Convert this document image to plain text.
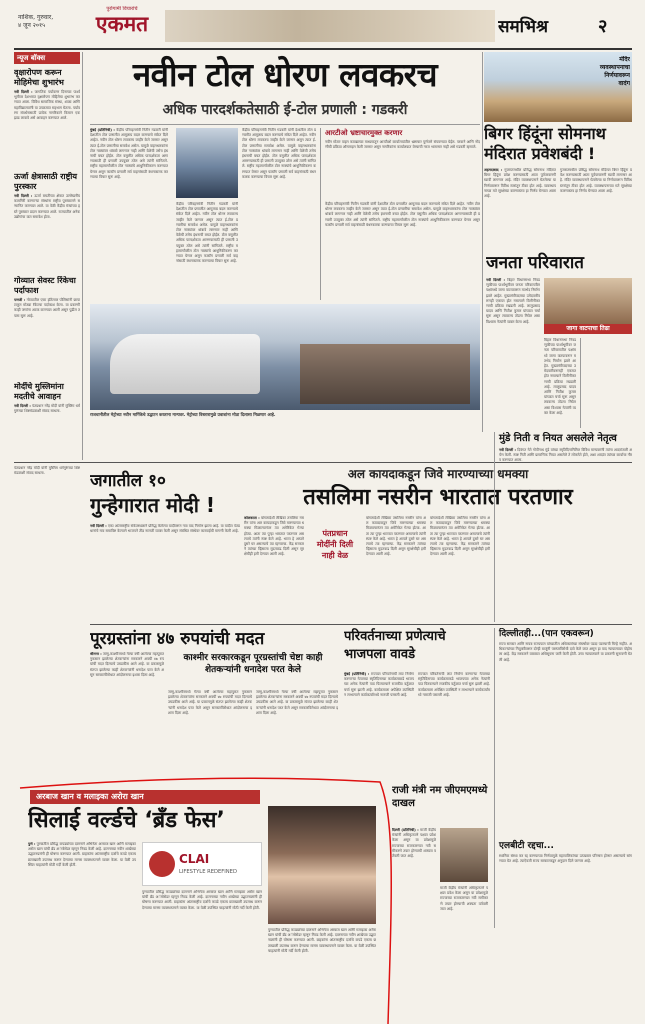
नाशिक, गुरुवार,
४ जून २०१५
पुरोगामी विचारांचे
एकमत	समभिश्र	२
न्यूज बॉक्स
वृक्षारोपण करून मोहिमेचा शुभारंभ
नवी दिल्ली : जागतिक पर्यावरण दिनाच्या पार्श्वभूमीवर देशभरात वृक्षारोपण मोहिमेचा शुभारंभ करण्यात आला. विविध सामाजिक संस्था, शाळा आणि महाविद्यालयांनी या उपक्रमात सहभाग घेतला. पर्यावरण संवर्धनासाठी प्रत्येक नागरिकाने किमान एक झाड लावावे असे आवाहन करण्यात आले.
ऊर्जा क्षेत्रासाठी राष्ट्रीय पुरस्कार
नवी दिल्ली : ऊर्जा बचतीच्या क्षेत्रात उल्लेखनीय कामगिरी करणाऱ्या संस्थांना राष्ट्रीय पुरस्काराने सन्मानित करण्यात आले. या वेळी केंद्रीय मंत्र्यांच्या हस्ते पुरस्कार प्रदान करण्यात आले. राज्यातील अनेक उद्योगांचा यात समावेश होता.
गोव्यात सेवस्ट रिंकेचा पर्दाफाश
पणजी : गोव्यातील एका हॉटेलवर पोलिसांनी छापा टाकून मोठ्या रॅकेटचा पर्दाफाश केला. या प्रकरणी काही जणांना अटक करण्यात आली असून पुढील तपास सुरू आहे.
मोदींचे मुस्लिमांना मदतीचे आवाहन
नवी दिल्ली : पंतप्रधान नरेंद्र मोदी यांनी मुस्लिम धर्मगुरूंच्या शिष्टमंडळाशी संवाद साधला.
नवीन टोल धोरण लवकरच
अधिक पारदर्शकतेसाठी ई-टोल प्रणाली : गडकरी
मुंबई (प्रतिनिधी) : केंद्रीय परिवहनमंत्री नितीन गडकरी यांनी देशातील टोल प्रणालीत आमूलाग्र बदल करण्याचे संकेत दिले आहेत. नवीन टोल धोरण लवकरच जाहीर केले जाणार असून त्यात ई-टोल प्रणालीचा समावेश असेल. यामुळे वाहनधारकांना टोल नाक्यांवर थांबावे लागणार नाही आणि वेळेची तसेच इंधनाची बचत होईल. टोल वसुलीत अधिक पारदर्शकता आणण्यासाठी ही प्रणाली उपयुक्त ठरेल असे त्यांनी सांगितले. राष्ट्रीय महामार्गांवरील टोल नाक्यांचे आधुनिकीकरण करण्यात येणार असून फास्टॅग प्रणाली सर्व वाहनांसाठी बंधनकारक करण्याचा विचार सुरू आहे.
केंद्रीय परिवहनमंत्री नितीन गडकरी यांनी देशातील टोल प्रणालीत आमूलाग्र बदल करण्याचे संकेत दिले आहेत. नवीन टोल धोरण लवकरच जाहीर केले जाणार असून त्यात ई-टोल प्रणालीचा समावेश असेल. यामुळे वाहनधारकांना टोल नाक्यांवर थांबावे लागणार नाही आणि वेळेची तसेच इंधनाची बचत होईल. टोल वसुलीत अधिक पारदर्शकता आणण्यासाठी ही प्रणाली उपयुक्त ठरेल असे त्यांनी सांगितले. राष्ट्रीय महामार्गांवरील टोल नाक्यांचे आधुनिकीकरण करण्यात येणार असून फास्टॅग प्रणाली सर्व वाहनांसाठी बंधनकारक करण्याचा विचार सुरू आहे.
केंद्रीय परिवहनमंत्री नितीन गडकरी यांनी देशातील टोल प्रणालीत आमूलाग्र बदल करण्याचे संकेत दिले आहेत. नवीन टोल धोरण लवकरच जाहीर केले जाणार असून त्यात ई-टोल प्रणालीचा समावेश असेल. यामुळे वाहनधारकांना टोल नाक्यांवर थांबावे लागणार नाही आणि वेळेची तसेच इंधनाची बचत होईल. टोल वसुलीत अधिक पारदर्शकता आणण्यासाठी ही प्रणाली उपयुक्त ठरेल असे त्यांनी सांगितले. राष्ट्रीय महामार्गांवरील टोल नाक्यांचे आधुनिकीकरण करण्यात येणार असून फास्टॅग प्रणाली सर्व वाहनांसाठी बंधनकारक करण्याचा विचार सुरू आहे.
आरटीओ भ्रष्टाचारमुक्त करणार
नवीन मोटार वाहन कायद्याच्या माध्यमातून आरटीओ कार्यालयांतील भ्रष्टाचार पूर्णपणे संपवण्यात येईल. परवाने आणि नोंदणीची प्रक्रिया ऑनलाइन केली जाणार असून नागरिकांना कार्यालयात येण्याची गरज भासणार नाही असे गडकरी म्हणाले.
केंद्रीय परिवहनमंत्री नितीन गडकरी यांनी देशातील टोल प्रणालीत आमूलाग्र बदल करण्याचे संकेत दिले आहेत. नवीन टोल धोरण लवकरच जाहीर केले जाणार असून त्यात ई-टोल प्रणालीचा समावेश असेल. यामुळे वाहनधारकांना टोल नाक्यांवर थांबावे लागणार नाही आणि वेळेची तसेच इंधनाची बचत होईल. टोल वसुलीत अधिक पारदर्शकता आणण्यासाठी ही प्रणाली उपयुक्त ठरेल असे त्यांनी सांगितले. राष्ट्रीय महामार्गांवरील टोल नाक्यांचे आधुनिकीकरण करण्यात येणार असून फास्टॅग प्रणाली सर्व वाहनांसाठी बंधनकारक करण्याचा विचार सुरू आहे.
राजधानीतील मेट्रोच्या नवीन मार्गिकेचे उद्घाटन करताना मान्यवर. मेट्रोच्या विस्तारामुळे प्रवाशांना मोठा दिलासा मिळणार आहे.
मंदिर
व्यवस्थापनाचा
निर्णयावरून
वादंग
बिगर हिंदूंना सोमनाथ मंदिरात प्रवेशबंदी !
अहमदाबाद : गुजरातमधील प्रसिद्ध सोमनाथ मंदिरात बिगर हिंदूंना प्रवेश करण्यासाठी आता पूर्वपरवानगी घ्यावी लागणार आहे. मंदिर व्यवस्थापनाने घेतलेल्या या निर्णयावरून विविध स्तरांतून टीका होत आहे. व्यवस्थापनाच्या मते सुरक्षेच्या कारणास्तव हा निर्णय घेण्यात आला आहे.
गुजरातमधील प्रसिद्ध सोमनाथ मंदिरात बिगर हिंदूंना प्रवेश करण्यासाठी आता पूर्वपरवानगी घ्यावी लागणार आहे. मंदिर व्यवस्थापनाने घेतलेल्या या निर्णयावरून विविध स्तरांतून टीका होत आहे. व्यवस्थापनाच्या मते सुरक्षेच्या कारणास्तव हा निर्णय घेण्यात आला आहे.
जनता परिवारात
नवी दिल्ली : बिहार विधानसभा निवडणुकीच्या पार्श्वभूमीवर जनता परिवारातील पक्षांमध्ये जागा वाटपावरून मतभेद निर्माण झाले आहेत. मुख्यमंत्रीपदाच्या उमेदवारीवरूनही एकमत होत नसल्याने विलीनीकरणाची प्रक्रिया रखडली आहे. लालूप्रसाद यादव आणि नितीश कुमार यांच्यात चर्चा सुरू असून लवकरच तोडगा निघेल असा विश्वास नेत्यांनी व्यक्त केला आहे.
जागा वाटपाचा तिढा
बिहार विधानसभा निवडणुकीच्या पार्श्वभूमीवर जनता परिवारातील पक्षांमध्ये जागा वाटपावरून मतभेद निर्माण झाले आहेत. मुख्यमंत्रीपदाच्या उमेदवारीवरूनही एकमत होत नसल्याने विलीनीकरणाची प्रक्रिया रखडली आहे. लालूप्रसाद यादव आणि नितीश कुमार यांच्यात चर्चा सुरू असून लवकरच तोडगा निघेल असा विश्वास नेत्यांनी व्यक्त केला आहे.
जगातील १०
गुन्हेगारात मोदी !
नवी दिल्ली : एका आंतरराष्ट्रीय संकेतस्थळाने प्रसिद्ध केलेल्या यादीवरून नवा वाद निर्माण झाला आहे. या यादीत पंतप्रधानांचे नाव समाविष्ट केल्याने भाजपने तीव्र नाराजी व्यक्त केली असून संबंधित संस्थेवर कारवाईची मागणी केली आहे.
पंतप्रधान नरेंद्र मोदी यांनी मुस्लिम धर्मगुरूंच्या शिष्टमंडळाशी संवाद साधला.	अल कायदाकडून जिवे मारण्याच्या धमक्या
तसलिमा नसरीन भारतात परतणार
कोलकाता : बांगलादेशी लेखिका तसलिमा नसरीन यांना अल कायदाकडून जिवे मारण्याच्या धमक्या मिळाल्यानंतर त्या अमेरिकेत गेल्या होत्या. आता त्या पुन्हा भारतात परतणार असल्याचे त्यांनी स्पष्ट केले आहे. भारत हे आपले दुसरे घर असल्याचे त्या म्हणाल्या. केंद्र सरकारने त्यांच्या व्हिसाला मुदतवाढ दिली असून सुरक्षेचीही हमी देण्यात आली आहे.
पंतप्रधान
मोदींनी दिली
नाही वेळ
बांगलादेशी लेखिका तसलिमा नसरीन यांना अल कायदाकडून जिवे मारण्याच्या धमक्या मिळाल्यानंतर त्या अमेरिकेत गेल्या होत्या. आता त्या पुन्हा भारतात परतणार असल्याचे त्यांनी स्पष्ट केले आहे. भारत हे आपले दुसरे घर असल्याचे त्या म्हणाल्या. केंद्र सरकारने त्यांच्या व्हिसाला मुदतवाढ दिली असून सुरक्षेचीही हमी देण्यात आली आहे.
बांगलादेशी लेखिका तसलिमा नसरीन यांना अल कायदाकडून जिवे मारण्याच्या धमक्या मिळाल्यानंतर त्या अमेरिकेत गेल्या होत्या. आता त्या पुन्हा भारतात परतणार असल्याचे त्यांनी स्पष्ट केले आहे. भारत हे आपले दुसरे घर असल्याचे त्या म्हणाल्या. केंद्र सरकारने त्यांच्या व्हिसाला मुदतवाढ दिली असून सुरक्षेचीही हमी देण्यात आली आहे.
मुंडे निती व नियत असलेले नेतृत्व
नवी दिल्ली : दिवंगत नेते गोपीनाथ मुंडे यांच्या स्मृतिदिनानिमित्त विविध मान्यवरांनी त्यांना आदरांजली अर्पण केली. स्पष्ट निती आणि प्रामाणिक नियत असलेले ते लोकनेते होते, अशा शब्दांत त्यांच्या कार्याचा गौरव करण्यात आला.
पूरग्रस्तांना ४७ रुपयांची मदत
श्रीनगर : जम्मू-काश्मीरमध्ये गेल्या वर्षी आलेल्या महापुरात नुकसान झालेल्या शेतकऱ्यांना सरकारने अवघी ४७ रुपयांची मदत दिल्याचे उघडकीस आले आहे. या प्रकारामुळे संतप्त झालेल्या काही शेतकऱ्यांनी धनादेश परत केले असून सरकारविरोधात आंदोलनाचा इशारा दिला आहे.
काश्मीर सरकारकडून पूरग्रस्तांची चेष्टा काही शेतकऱ्यांनी धनादेश परत केले
जम्मू-काश्मीरमध्ये गेल्या वर्षी आलेल्या महापुरात नुकसान झालेल्या शेतकऱ्यांना सरकारने अवघी ४७ रुपयांची मदत दिल्याचे उघडकीस आले आहे. या प्रकारामुळे संतप्त झालेल्या काही शेतकऱ्यांनी धनादेश परत केले असून सरकारविरोधात आंदोलनाचा इशारा दिला आहे.
जम्मू-काश्मीरमध्ये गेल्या वर्षी आलेल्या महापुरात नुकसान झालेल्या शेतकऱ्यांना सरकारने अवघी ४७ रुपयांची मदत दिल्याचे उघडकीस आले आहे. या प्रकारामुळे संतप्त झालेल्या काही शेतकऱ्यांनी धनादेश परत केले असून सरकारविरोधात आंदोलनाचा इशारा दिला आहे.
परिवर्तनाच्या प्रणेत्याचे भाजपला वावडे
मुंबई (प्रतिनिधी) : राज्यात परिवर्तनाची लाट निर्माण करणाऱ्या नेत्याच्या स्मृतिदिनाच्या कार्यक्रमाकडे भाजपच्या अनेक नेत्यांनी पाठ फिरवल्याने राजकीय वर्तुळात चर्चा सुरू झाली आहे. कार्यक्रमाला अपेक्षित उपस्थिती न लाभल्याने कार्यकर्त्यांमध्ये नाराजी पसरली आहे.
राज्यात परिवर्तनाची लाट निर्माण करणाऱ्या नेत्याच्या स्मृतिदिनाच्या कार्यक्रमाकडे भाजपच्या अनेक नेत्यांनी पाठ फिरवल्याने राजकीय वर्तुळात चर्चा सुरू झाली आहे. कार्यक्रमाला अपेक्षित उपस्थिती न लाभल्याने कार्यकर्त्यांमध्ये नाराजी पसरली आहे.
दिल्लीतही...(पान एकवरून)
राज्य सरकार आणि नायब राज्यपाल यांच्यातील अधिकारांच्या संघर्षावर पडदा पडण्याची चिन्हे नाहीत. अधिकाऱ्यांच्या नियुक्तीवरून दोन्ही बाजूंनी परस्परविरोधी दावे केले जात असून हा वाद न्यायालयात पोहोचला आहे. केंद्र सरकारने याबाबत अधिसूचना जारी केली होती. उच्च न्यायालयाने या प्रकरणी सुनावणी घेतली आहे.
एलबीटी रद्दचा...
स्थानिक संस्था कर रद्द करण्याच्या निर्णयामुळे महापालिकांच्या उत्पन्नावर परिणाम होणार असल्याचे सांगण्यात येत आहे. त्याऐवजी राज्य सरकारकडून अनुदान दिले जाणार आहे.
अरबाज खान व मलाइका अरोरा खान
सिलाई वर्ल्डचे ‘ब्रँड फेस’
पुणे : पुण्यातील प्रसिद्ध कपड्यांच्या दालनाने अभिनेता अरबाज खान आणि मलाइका अरोरा खान यांची ब्रँड अॅम्बेसेडर म्हणून निवड केली आहे. दालनाच्या नवीन शाखेच्या उद्घाटनप्रसंगी ही घोषणा करण्यात आली. ग्राहकांना आंतरराष्ट्रीय दर्जाचे कपडे एकाच छताखाली उपलब्ध करून देण्याचा मानस व्यवस्थापनाने व्यक्त केला. या वेळी उपस्थित चाहत्यांनी मोठी गर्दी केली होती.	CLAI
LIFESTYLE REDEFINED
पुण्यातील प्रसिद्ध कपड्यांच्या दालनाने अभिनेता अरबाज खान आणि मलाइका अरोरा खान यांची ब्रँड अॅम्बेसेडर म्हणून निवड केली आहे. दालनाच्या नवीन शाखेच्या उद्घाटनप्रसंगी ही घोषणा करण्यात आली. ग्राहकांना आंतरराष्ट्रीय दर्जाचे कपडे एकाच छताखाली उपलब्ध करून देण्याचा मानस व्यवस्थापनाने व्यक्त केला. या वेळी उपस्थित चाहत्यांनी मोठी गर्दी केली होती.
पुण्यातील प्रसिद्ध कपड्यांच्या दालनाने अभिनेता अरबाज खान आणि मलाइका अरोरा खान यांची ब्रँड अॅम्बेसेडर म्हणून निवड केली आहे. दालनाच्या नवीन शाखेच्या उद्घाटनप्रसंगी ही घोषणा करण्यात आली. ग्राहकांना आंतरराष्ट्रीय दर्जाचे कपडे एकाच छताखाली उपलब्ध करून देण्याचा मानस व्यवस्थापनाने व्यक्त केला. या वेळी उपस्थित चाहत्यांनी मोठी गर्दी केली होती.
राजी मंत्री नम जीएमएमध्ये दाखल
दिल्ली (प्रतिनिधी) : माजी केंद्रीय मंत्र्यांनी अधिकृतपणे पक्षात प्रवेश केला असून या प्रवेशामुळे राज्याच्या राजकारणात नवी समीकरणे तयार होण्याची शक्यता वर्तवली जात आहे.
माजी केंद्रीय मंत्र्यांनी अधिकृतपणे पक्षात प्रवेश केला असून या प्रवेशामुळे राज्याच्या राजकारणात नवी समीकरणे तयार होण्याची शक्यता वर्तवली जात आहे.
